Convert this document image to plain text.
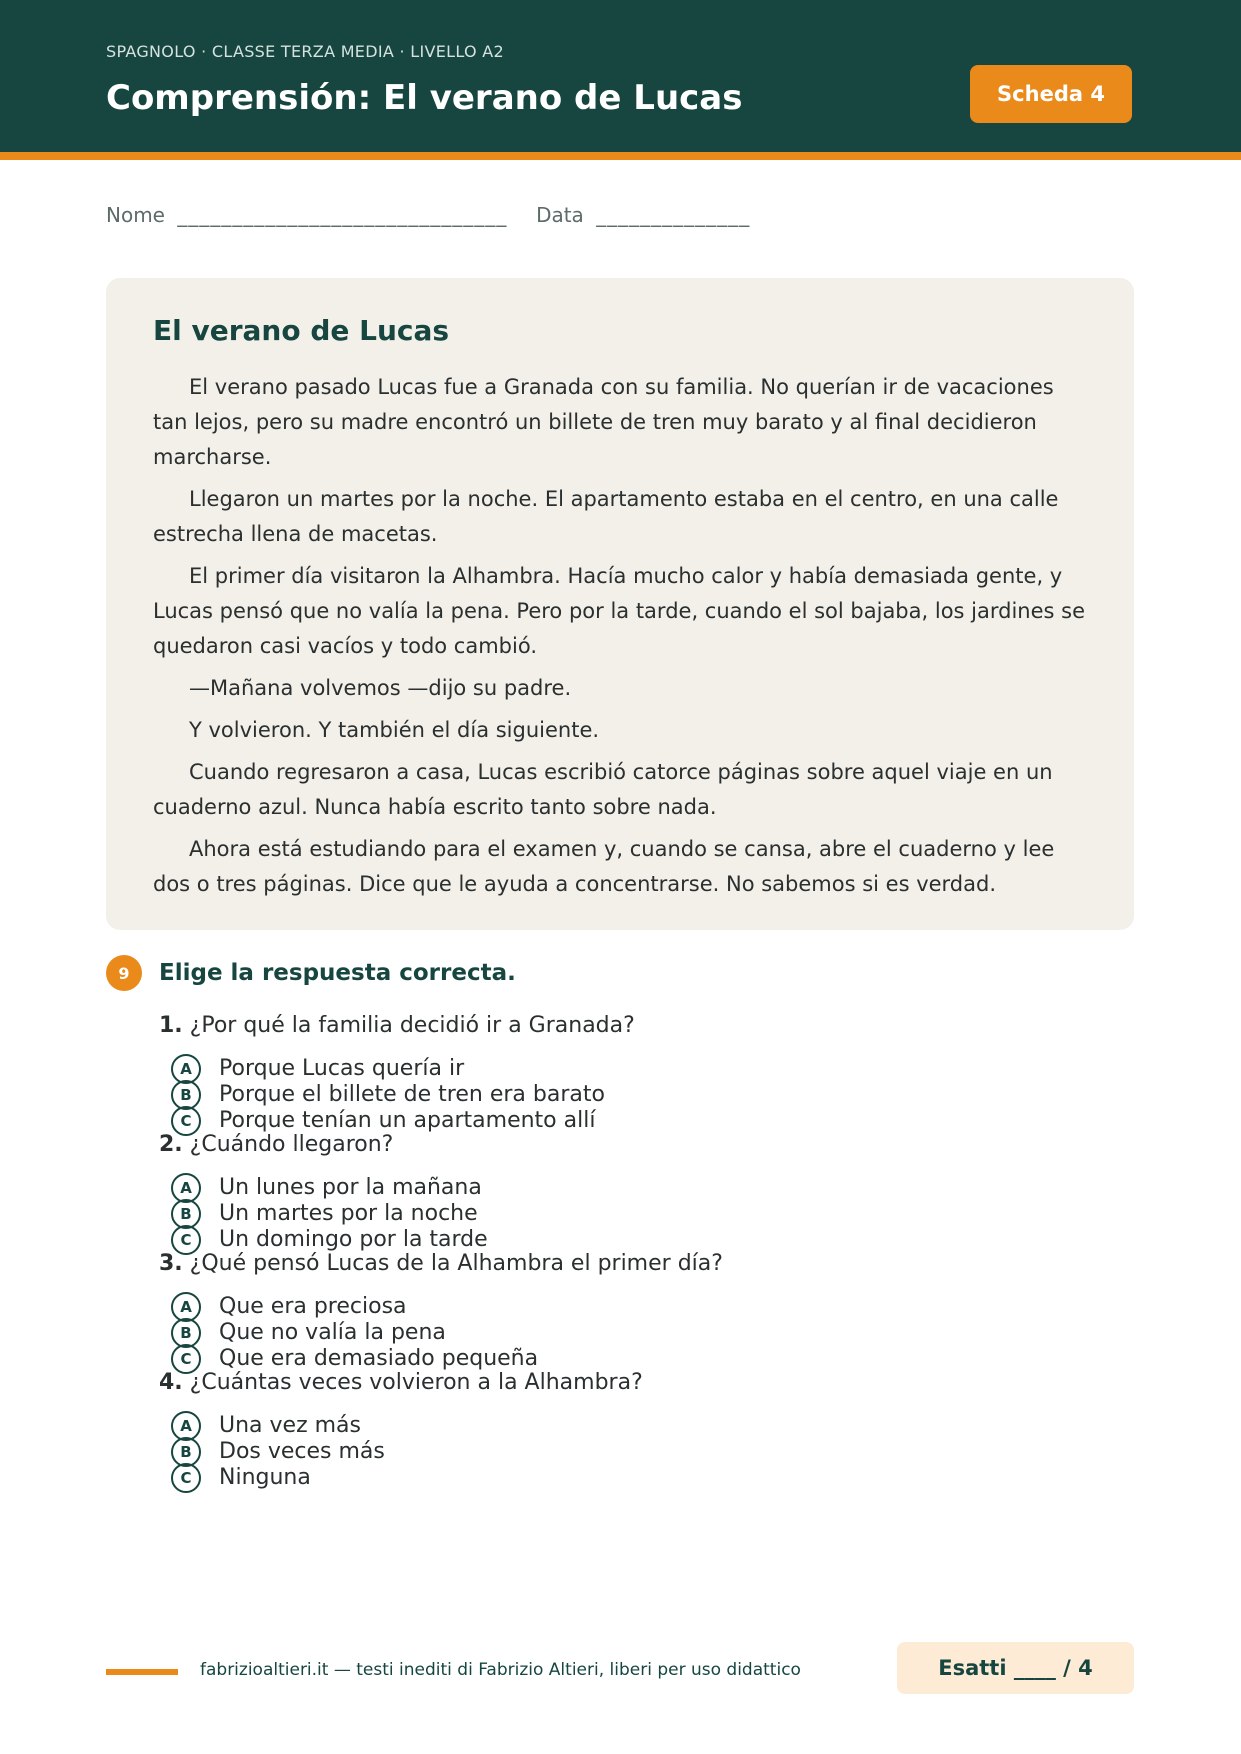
SPAGNOLO · CLASSE TERZA MEDIA · LIVELLO A2
Comprensión: El verano de Lucas	Scheda 4
Nome ______________________________ Data ______________
El verano de Lucas

El verano pasado Lucas fue a Granada con su familia. No querían ir de vacaciones tan lejos, pero su madre encontró un billete de tren muy barato y al final decidieron marcharse.

Llegaron un martes por la noche. El apartamento estaba en el centro, en una calle estrecha llena de macetas.

El primer día visitaron la Alhambra. Hacía mucho calor y había demasiada gente, y Lucas pensó que no valía la pena. Pero por la tarde, cuando el sol bajaba, los jardines se quedaron casi vacíos y todo cambió.

—Mañana volvemos —dijo su padre.

Y volvieron. Y también el día siguiente.

Cuando regresaron a casa, Lucas escribió catorce páginas sobre aquel viaje en un cuaderno azul. Nunca había escrito tanto sobre nada.

Ahora está estudiando para el examen y, cuando se cansa, abre el cuaderno y lee dos o tres páginas. Dice que le ayuda a concentrarse. No sabemos si es verdad.

9	Elige la respuesta correcta.
1. ¿Por qué la familia decidió ir a Granada?
A	Porque Lucas quería ir
B	Porque el billete de tren era barato
C	Porque tenían un apartamento allí
2. ¿Cuándo llegaron?
A	Un lunes por la mañana
B	Un martes por la noche
C	Un domingo por la tarde
3. ¿Qué pensó Lucas de la Alhambra el primer día?
A	Que era preciosa
B	Que no valía la pena
C	Que era demasiado pequeña
4. ¿Cuántas veces volvieron a la Alhambra?
A	Una vez más
B	Dos veces más
C	Ninguna
fabrizioaltieri.it — testi inediti di Fabrizio Altieri, liberi per uso didattico	Esatti ____ / 4
